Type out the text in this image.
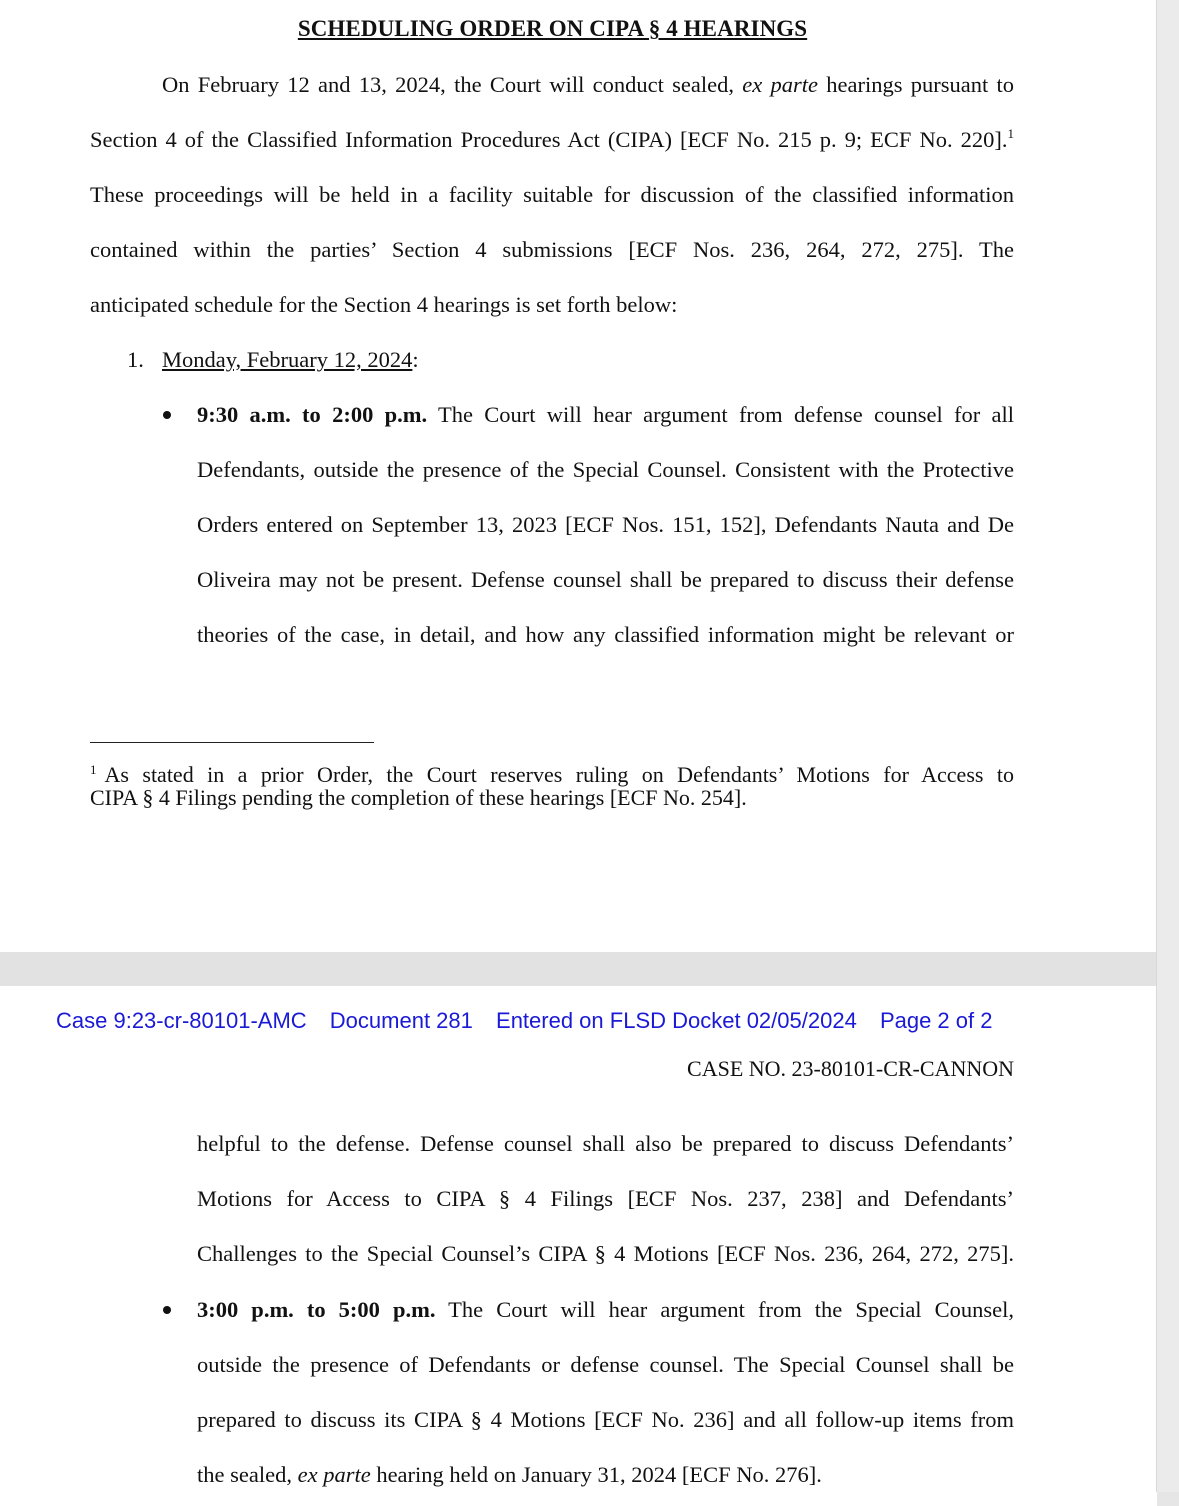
SCHEDULING ORDER ON CIPA § 4 HEARINGS
On February 12 and 13, 2024, the Court will conduct sealed, ex parte hearings pursuant to
Section 4 of the Classified Information Procedures Act (CIPA) [ECF No. 215 p. 9; ECF No. 220].$^1$
These proceedings will be held in a facility suitable for discussion of the classified information
contained within the parties’ Section 4 submissions [ECF Nos. 236, 264, 272, 275]. The
anticipated schedule for the Section 4 hearings is set forth below:
1. Monday, February 12, 2024:
9:30 a.m. to 2:00 p.m. The Court will hear argument from defense counsel for all
Defendants, outside the presence of the Special Counsel. Consistent with the Protective
Orders entered on September 13, 2023 [ECF Nos. 151, 152], Defendants Nauta and De
Oliveira may not be present. Defense counsel shall be prepared to discuss their defense
theories of the case, in detail, and how any classified information might be relevant or
$^1$ As stated in a prior Order, the Court reserves ruling on Defendants’ Motions for Access to
CIPA § 4 Filings pending the completion of these hearings [ECF No. 254].
Case 9:23-cr-80101-AMC Document 281 Entered on FLSD Docket 02/05/2024 Page 2 of 2
CASE NO. 23-80101-CR-CANNON
helpful to the defense. Defense counsel shall also be prepared to discuss Defendants’
Motions for Access to CIPA § 4 Filings [ECF Nos. 237, 238] and Defendants’
Challenges to the Special Counsel’s CIPA § 4 Motions [ECF Nos. 236, 264, 272, 275].
3:00 p.m. to 5:00 p.m. The Court will hear argument from the Special Counsel,
outside the presence of Defendants or defense counsel. The Special Counsel shall be
prepared to discuss its CIPA § 4 Motions [ECF No. 236] and all follow-up items from
the sealed, ex parte hearing held on January 31, 2024 [ECF No. 276].
